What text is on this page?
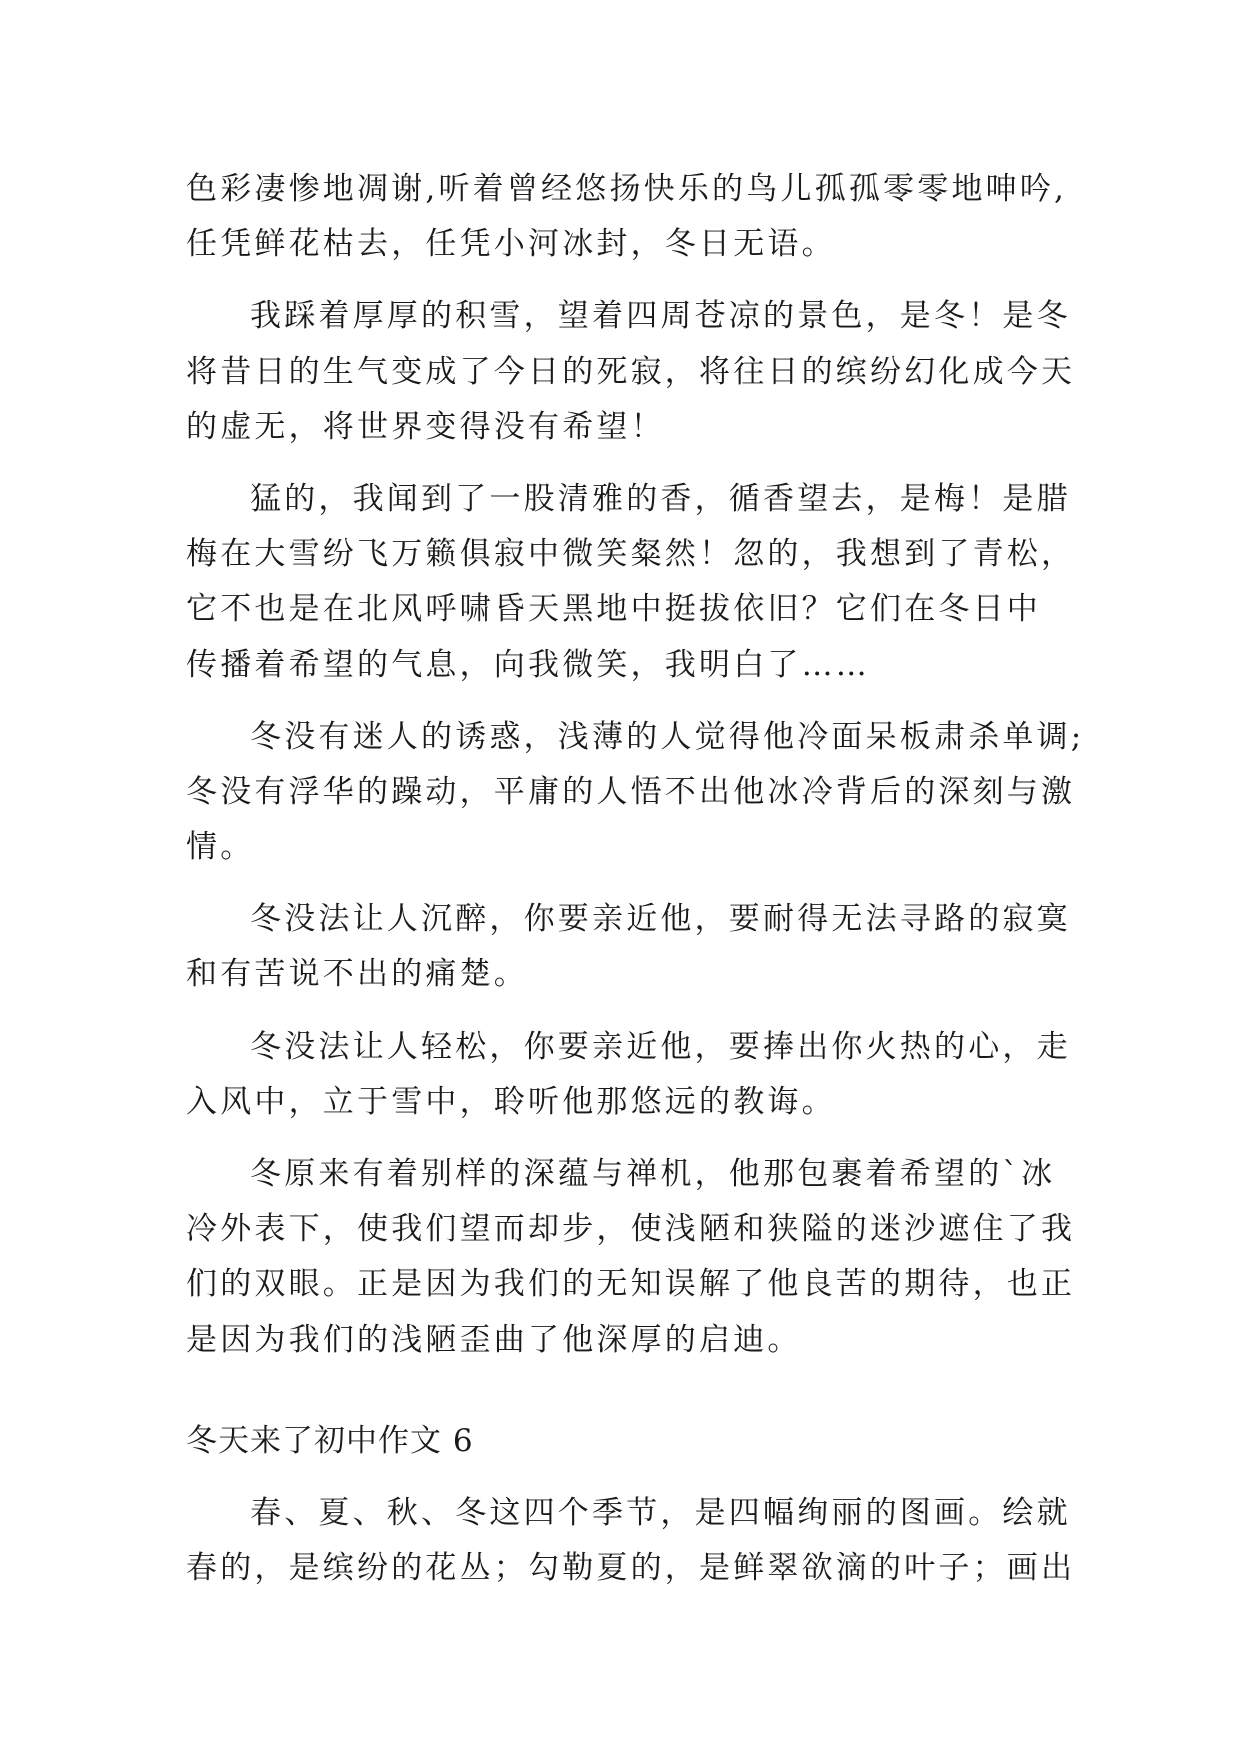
色彩凄惨地凋谢,听着曾经悠扬快乐的鸟儿孤孤零零地呻吟,
任凭鲜花枯去，任凭小河冰封，冬日无语。
我踩着厚厚的积雪，望着四周苍凉的景色，是冬！是冬
将昔日的生气变成了今日的死寂，将往日的缤纷幻化成今天
的虚无，将世界变得没有希望！
猛的，我闻到了一股清雅的香，循香望去，是梅！是腊
梅在大雪纷飞万籁俱寂中微笑粲然！忽的，我想到了青松，
它不也是在北风呼啸昏天黑地中挺拔依旧？它们在冬日中
传播着希望的气息，向我微笑，我明白了……
冬没有迷人的诱惑，浅薄的人觉得他冷面呆板肃杀单调;
冬没有浮华的躁动，平庸的人悟不出他冰冷背后的深刻与激
情。
冬没法让人沉醉，你要亲近他，要耐得无法寻路的寂寞
和有苦说不出的痛楚。
冬没法让人轻松，你要亲近他，要捧出你火热的心，走
入风中，立于雪中，聆听他那悠远的教诲。
冬原来有着别样的深蕴与禅机，他那包裹着希望的`冰
冷外表下，使我们望而却步，使浅陋和狭隘的迷沙遮住了我
们的双眼。正是因为我们的无知误解了他良苦的期待，也正
是因为我们的浅陋歪曲了他深厚的启迪。
冬天来了初中作文 6
春、夏、秋、冬这四个季节，是四幅绚丽的图画。绘就
春的，是缤纷的花丛；勾勒夏的，是鲜翠欲滴的叶子；画出
